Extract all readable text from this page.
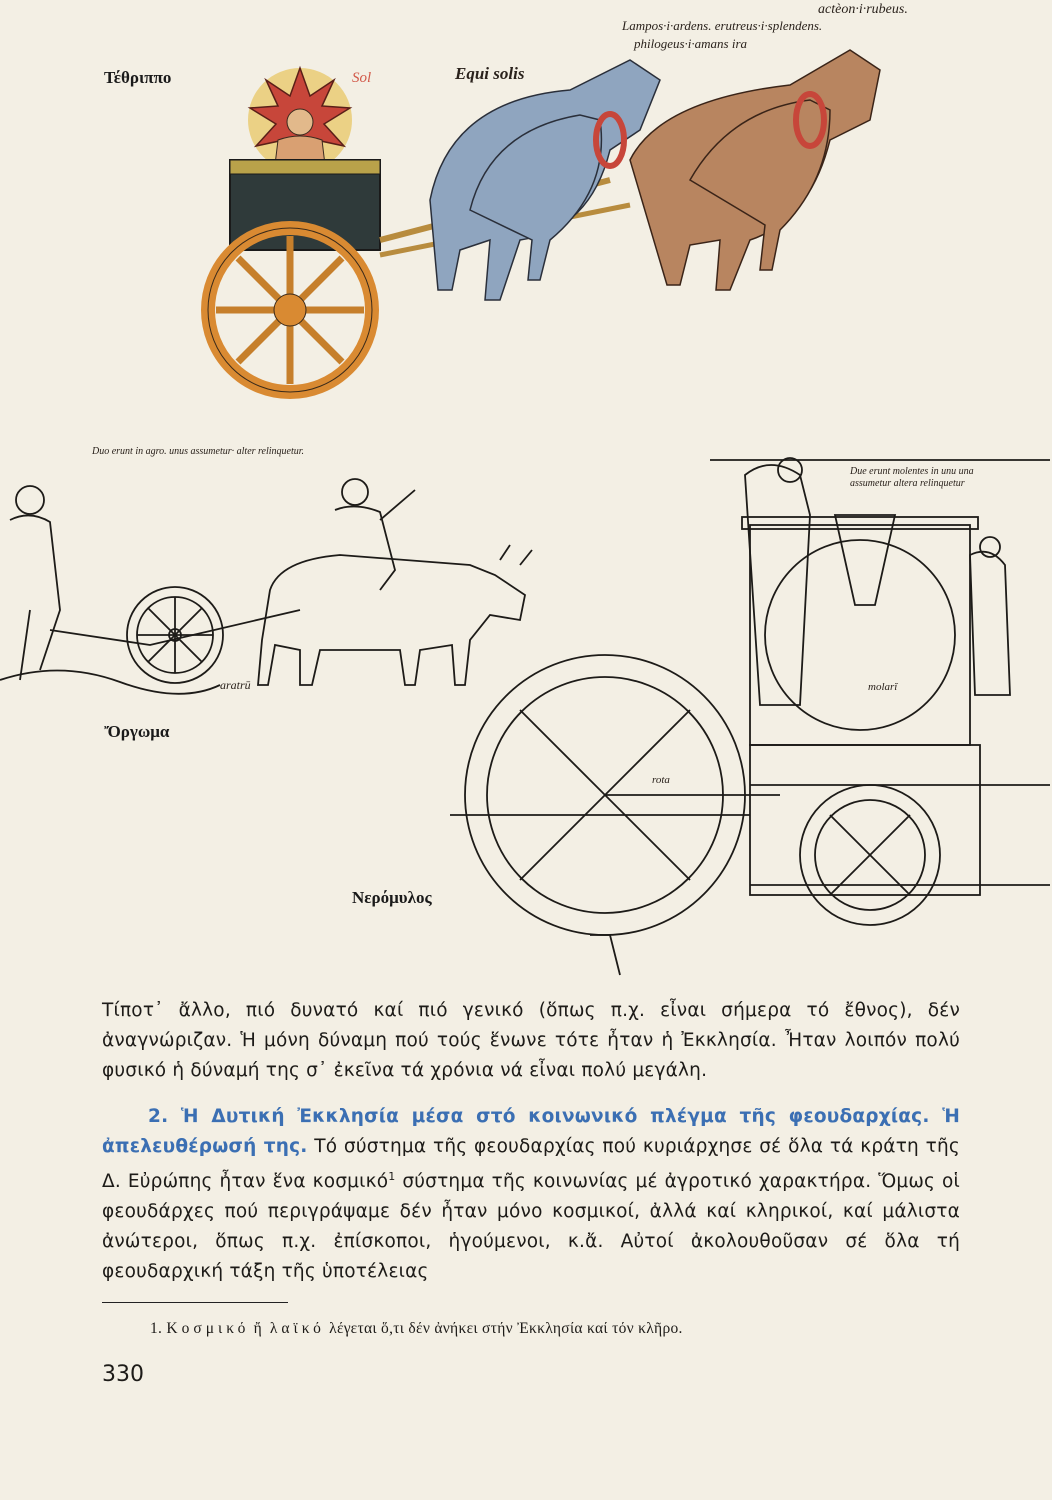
Τέθριππο	Sol	Equi solis
actèon·i·rubeus.
Lampos·i·ardens. erutreus·i·splendens.
philogeus·i·amans ira
Duo erunt in agro. unus assumetur· alter relinquetur.
aratrū
Ὄργωμα
Due erunt molentes in unu una assumetur altera relinquetur
molarĭ
rota
Νερόμυλος

Τίποτ᾽ ἄλλο, πιό δυνατό καί πιό γενικό (ὅπως π.χ. εἶναι σήμερα τό ἔθνος), δέν ἀναγνώριζαν. Ἡ μόνη δύναμη πού τούς ἕνωνε τότε ἦταν ἡ Ἐκκλησία. Ἦταν λοιπόν πολύ φυσικό ἡ δύναμή της σ᾽ ἐκεῖνα τά χρόνια νά εἶναι πολύ μεγάλη.

2. Ἡ Δυτική Ἐκκλησία μέσα στό κοινωνικό πλέγμα τῆς φεουδαρχίας. Ἡ ἀπελευθέρωσή της. Τό σύστημα τῆς φεουδαρχίας πού κυριάρχησε σέ ὅλα τά κράτη τῆς Δ. Εὐρώπης ἦταν ἕνα κοσμικό$^1$ σύστημα τῆς κοινωνίας μέ ἀγροτικό χαρακτήρα. Ὅμως οἱ φεουδάρχες πού περιγράψαμε δέν ἦταν μόνο κοσμικοί, ἀλλά καί κληρικοί, καί μάλιστα ἀνώτεροι, ὅπως π.χ. ἐπίσκοποι, ἡγούμενοι, κ.ἄ. Αὐτοί ἀκολουθοῦσαν σέ ὅλα τή φεουδαρχική τάξη τῆς ὑποτέλειας

1. Κοσμικό ἤ λαϊκό λέγεται ὅ,τι δέν ἀνήκει στήν Ἐκκλησία καί τόν κλῆρο.
330
